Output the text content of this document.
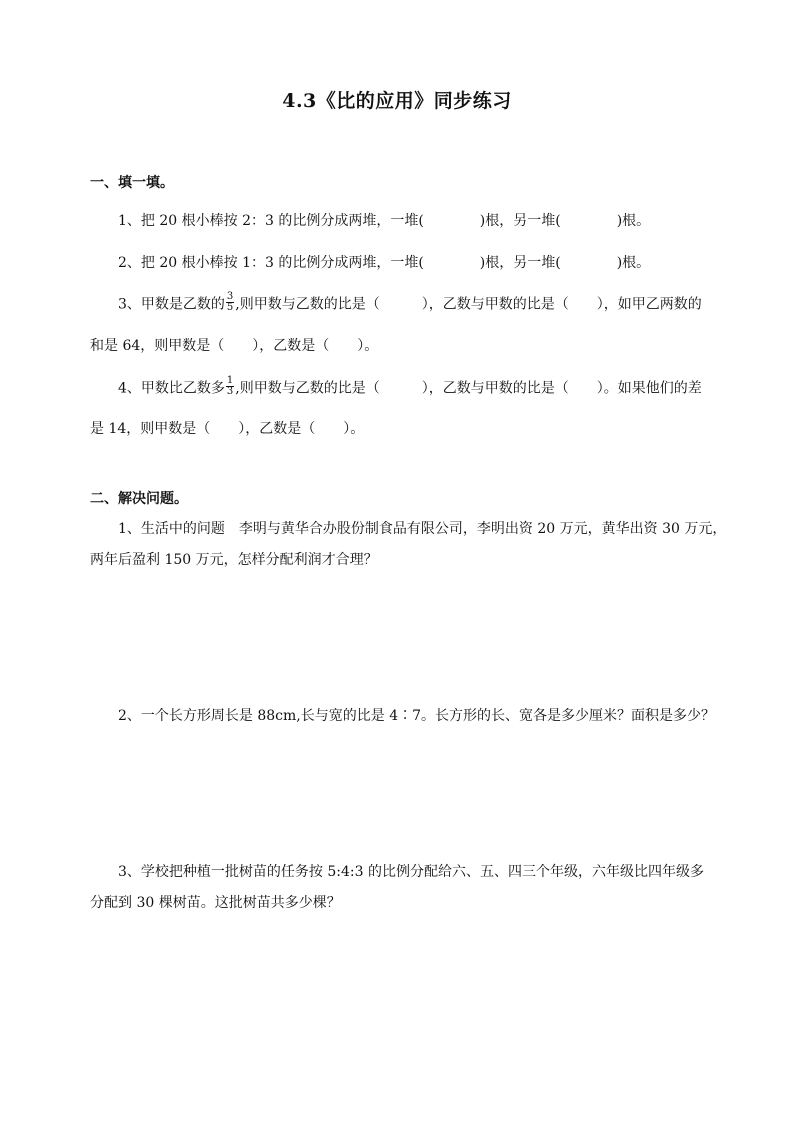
4.3《比的应用》同步练习
一、填一填。
1、把 20 根小棒按 2：3 的比例分成两堆，一堆(　　　　)根，另一堆(　　　　)根。
2、把 20 根小棒按 1：3 的比例分成两堆，一堆(　　　　)根，另一堆(　　　　)根。
3、甲数是乙数的 $\frac{3}{5}$ ,则甲数与乙数的比是（　　　），乙数与甲数的比是（　　），如甲乙两数的
和是 64，则甲数是（　　），乙数是（　　）。
4、甲数比乙数多 $\frac{1}{3}$ ,则甲数与乙数的比是（　　　），乙数与甲数的比是（　　）。如果他们的差
是 14，则甲数是（　　），乙数是（　　）。
二、解决问题。
1、生活中的问题　李明与黄华合办股份制食品有限公司，李明出资 20 万元，黄华出资 30 万元，
两年后盈利 150 万元，怎样分配利润才合理？
2、一个长方形周长是 88cm,长与宽的比是 4∶7。长方形的长、宽各是多少厘米？面积是多少？
3、学校把种植一批树苗的任务按 5:4:3 的比例分配给六、五、四三个年级，六年级比四年级多
分配到 30 棵树苗。这批树苗共多少棵？
